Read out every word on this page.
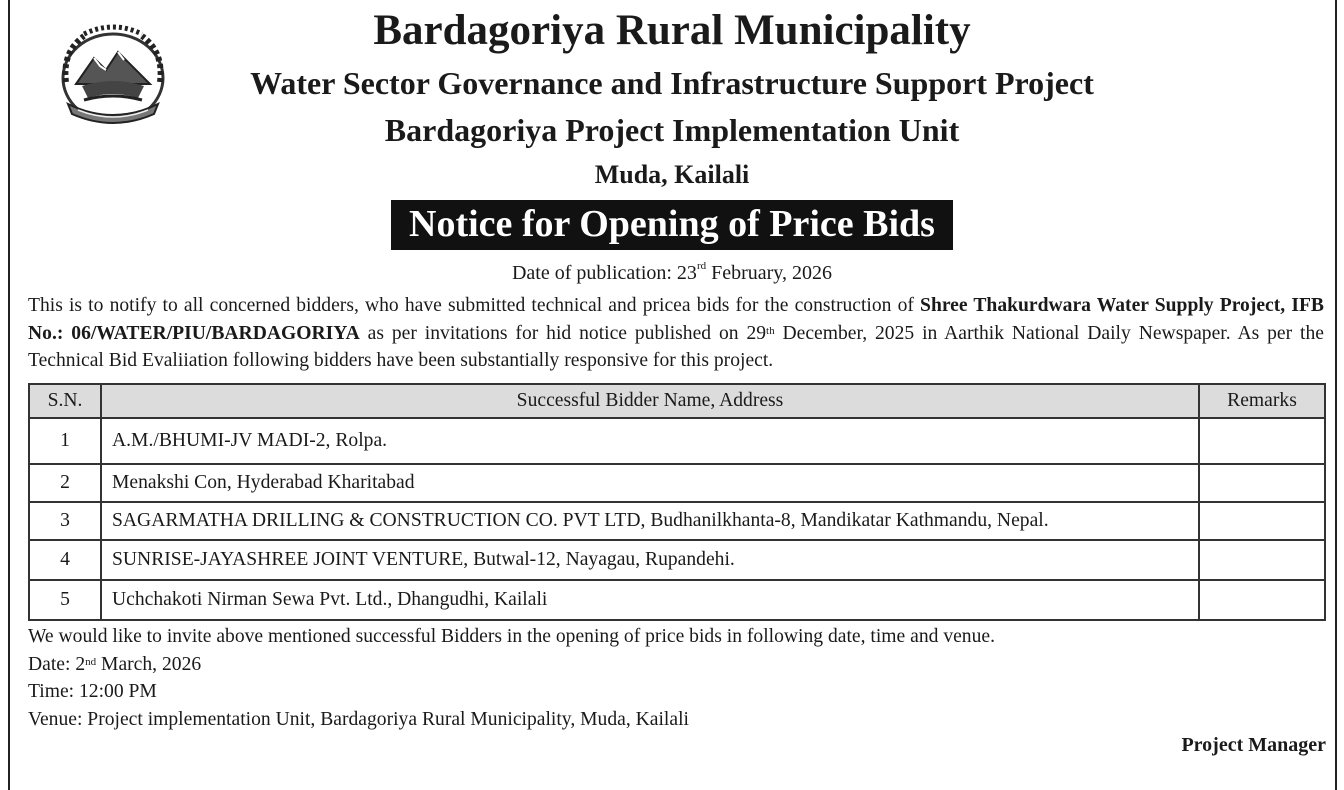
Bardagoriya Rural Municipality
Water Sector Governance and Infrastructure Support Project
Bardagoriya Project Implementation Unit
Muda, Kailali
Notice for Opening of Price Bids
Date of publication: 23rd February, 2026

This is to notify to all concerned bidders, who have submitted technical and pricea bids for the construction of Shree Thakurdwara Water Supply Project, IFB No.: 06/WATER/PIU/BARDAGORIYA as per invitations for hid notice published on 29th December, 2025 in Aarthik National Daily Newspaper. As per the Technical Bid Evaliiation following bidders have been substantially responsive for this project.

S.N.	Successful Bidder Name, Address	Remarks
1	A.M./BHUMI-JV MADI-2, Rolpa.	
2	Menakshi Con, Hyderabad Kharitabad	
3	SAGARMATHA DRILLING & CONSTRUCTION CO. PVT LTD, Budhanilkhanta-8, Mandikatar Kathmandu, Nepal.	
4	SUNRISE-JAYASHREE JOINT VENTURE, Butwal-12, Nayagau, Rupandehi.	
5	Uchchakoti Nirman Sewa Pvt. Ltd., Dhangudhi, Kailali	
We would like to invite above mentioned successful Bidders in the opening of price bids in following date, time and venue.
Date: 2nd March, 2026
Time: 12:00 PM
Venue: Project implementation Unit, Bardagoriya Rural Municipality, Muda, Kailali
Project Manager
